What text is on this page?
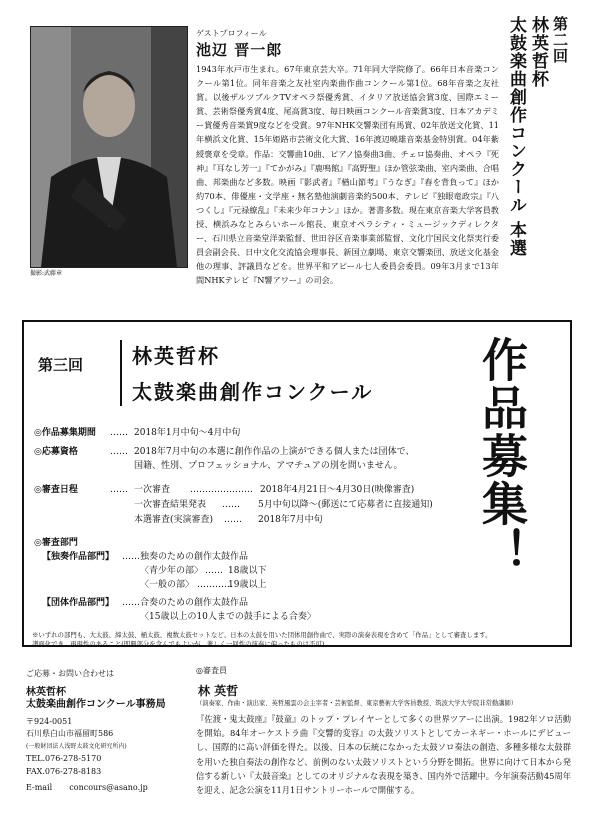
撮影:武藤章
ゲストプロフィール
池辺 晋一郎
1943年水戸市生まれ。67年東京芸大卒。71年同大学院修了。66年日本音楽コンクール第1位。同年音楽之友社室内楽曲作曲コンクール第1位。68年音楽之友社賞。以後ザルツブルクTVオペラ祭優秀賞、イタリア放送協会賞3度、国際エミー賞、芸術祭優秀賞4度、尾高賞3度、毎日映画コンクール音楽賞3度、日本アカデミー賞優秀音楽賞9度などを受賞。97年NHK交響楽団有馬賞、02年放送文化賞、11年横浜文化賞、15年姫路市芸術文化大賞、16年渡辺曉雄音楽基金特別賞。04年紫綬褒章を受章。作品：交響曲10曲、ピアノ協奏曲3曲、チェロ協奏曲、オペラ『死神』『耳なし芳一』『てかがみ』『鹿鳴館』『高野聖』ほか管弦楽曲、室内楽曲、合唱曲、邦楽曲など多数。映画『影武者』『楢山節考』『うなぎ』『春を背負って』ほか約70本、俳優座・文学座・無名塾他演劇音楽約500本、テレビ『独眼竜政宗』『八つくし』『元禄繚乱』『未来少年コナン』ほか。著書多数。現在東京音楽大学客員教授、横浜みなとみらいホール館長、東京オペラシティ・ミュージックディレクター、石川県立音楽堂洋楽監督、世田谷区音楽事業部監督、文化庁国民文化祭実行委員会副会長、日中文化交流協会理事長、新国立劇場、東京交響楽団、放送文化基金他の理事、評議員などを。世界平和アピール七人委員会委員。09年3月まで13年間NHKテレビ『N響アワー』の司会。
第二回
林英哲杯
太鼓楽曲創作コンクール 本選
第三回 林英哲杯
太鼓楽曲創作コンクール 作品募集！
◎作品募集期間 …… 2018年1月中旬〜4月中旬
◎応募資格	…… 2018年7月中旬の本選に創作作品の上演ができる個人または団体で、
国籍、性別、プロフェッショナル、アマチュアの別を問いません。
◎審査日程	…… 一次審査 ………………… 2018年4月21日〜4月30日(映像審査)
一次審査結果発表 …… 5月中旬以降〜(郵送にて応募者に直接通知)
本選審査(実演審査) …… 2018年7月中旬
◎審査部門
【独奏作品部門】 …… 独奏のための創作太鼓作品
〈青少年の部〉 …… 18歳以下
〈一般の部〉 …………
19歳以上
【団体作品部門】 …… 合奏のための創作太鼓作品
〈15歳以上の10人までの鼓手による合奏〉
※いずれの部門も、大太鼓、締太鼓、桶太鼓、複数太鼓セットなど、日本の太鼓を用いた団体用創作曲で、実際の演奏表現を含めて「作品」として審査します。
譜面化でき、再現性のあること(即興部分を含んでもよいが、著しく一回性の演奏に偏ったものは不可)。
ご応募・お問い合わせは
林英哲杯
太鼓楽曲創作コンクール事務局
〒924-0051
石川県白山市福留町586
(一般財団法人浅野太鼓文化研究所内)
TEL.076-278-5170
FAX.076-278-8183
E-mail concours@asano.jp
◎審査員
林 英哲
（演奏家、作曲・演出家、英哲風雲の会主宰者・芸術監督、東京藝術大学客員教授、筑波大学大学院非常勤講師）
『佐渡・鬼太鼓座』『鼓童』のトップ・プレイヤーとして多くの世界ツアーに出演。1982年ソロ活動を開始。84年オーケストラ曲『交響的変容』の太鼓ソリストとしてカーネギー・ホールにデビューし、国際的に高い評価を得た。以後、日本の伝統になかった太鼓ソロ奏法の創造、多種多様な太鼓群を用いた独自奏法の創作など、前例のない太鼓ソリストという分野を開拓。世界に向けて日本から発信する新しい『太鼓音楽』としてのオリジナルな表現を築き、国内外で活躍中。今年演奏活動45周年を迎え、記念公演を11月1日サントリーホールで開催する。
